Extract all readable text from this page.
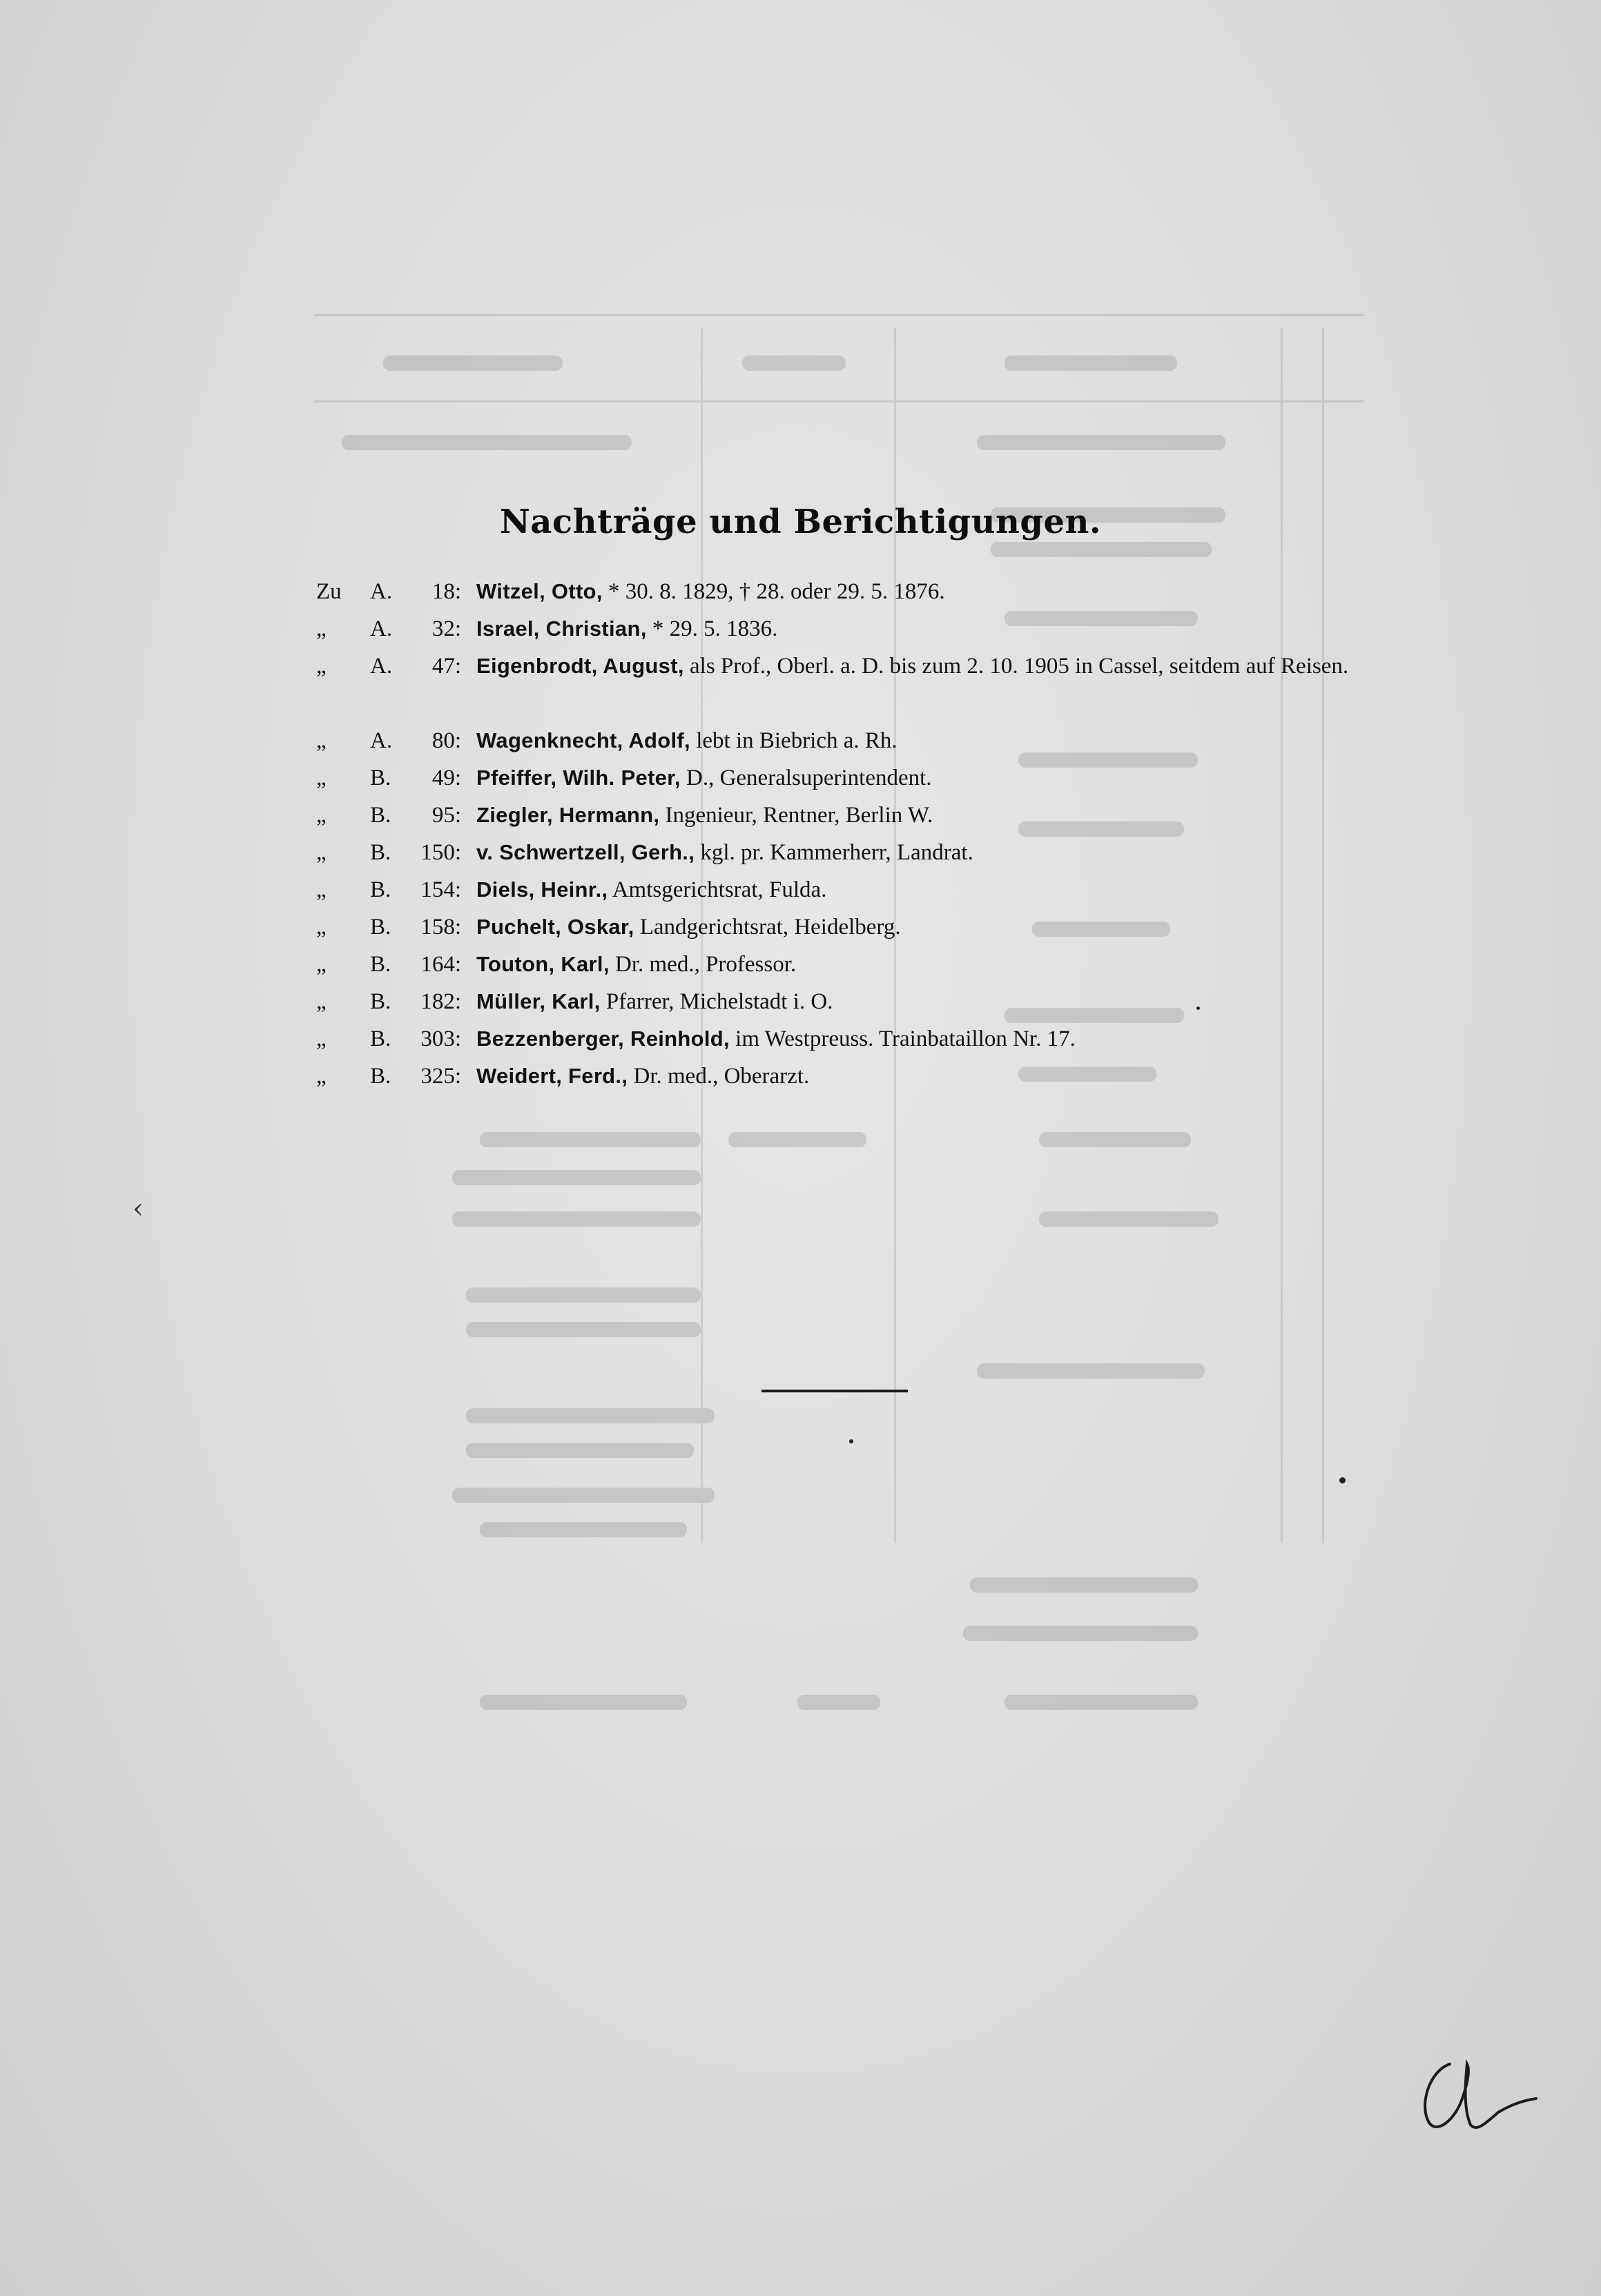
Nachträge und Berichtigungen.
Zu	A.	18: Witzel, Otto, * 30. 8. 1829, † 28. oder 29. 5. 1876.
„	A.	32: Israel, Christian, * 29. 5. 1836.
„	A.	47: Eigenbrodt, August, als Prof., Oberl. a. D. bis zum 2. 10. 1905 in Cassel, seitdem auf Reisen.
„	A.	80: Wagenknecht, Adolf, lebt in Biebrich a. Rh.
„	B.	49: Pfeiffer, Wilh. Peter, D., Generalsuperintendent.
„	B.	95: Ziegler, Hermann, Ingenieur, Rentner, Berlin W.
„	B.	150: v. Schwertzell, Gerh., kgl. pr. Kammerherr, Landrat.
„	B.	154: Diels, Heinr., Amtsgerichtsrat, Fulda.
„	B.	158: Puchelt, Oskar, Landgerichtsrat, Heidelberg.
„	B.	164: Touton, Karl, Dr. med., Professor.
„	B.	182: Müller, Karl, Pfarrer, Michelstadt i. O.
„	B.	303: Bezzenberger, Reinhold, im Westpreuss. Trainbataillon Nr. 17.
„	B.	325: Weidert, Ferd., Dr. med., Oberarzt.
‹
